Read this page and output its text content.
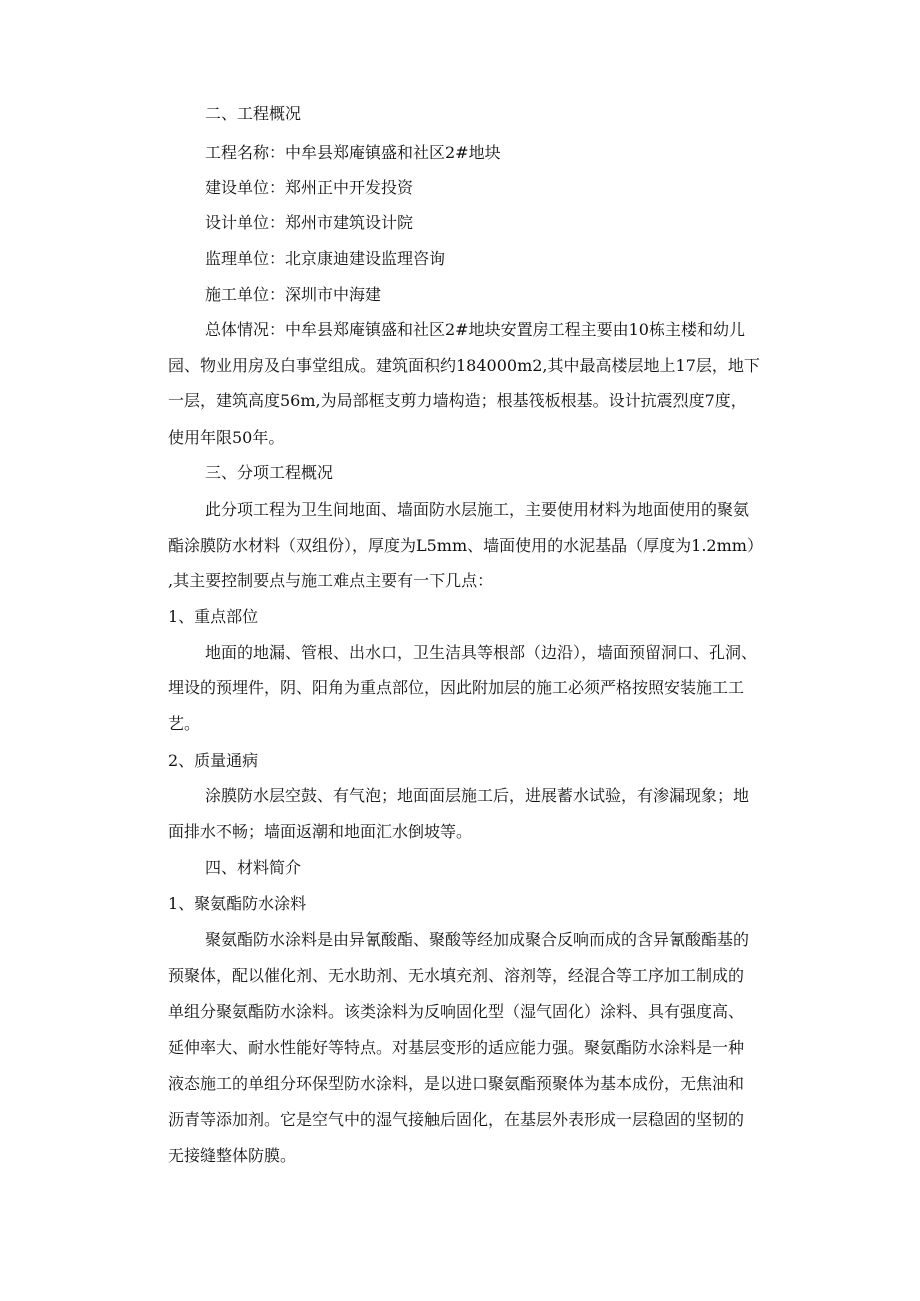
二、工程概况

工程名称：中牟县郑庵镇盛和社区2#地块

建设单位：郑州正中开发投资

设计单位：郑州市建筑设计院

监理单位：北京康迪建设监理咨询

施工单位：深圳市中海建

总体情况：中牟县郑庵镇盛和社区2#地块安置房工程主要由10栋主楼和幼儿

园、物业用房及白事堂组成。建筑面积约184000m2,其中最高楼层地上17层，地下

一层，建筑高度56m,为局部框支剪力墙构造；根基筏板根基。设计抗震烈度7度，

使用年限50年。

三、分项工程概况

此分项工程为卫生间地面、墙面防水层施工，主要使用材料为地面使用的聚氨

酯涂膜防水材料（双组份），厚度为L5mm、墙面使用的水泥基晶（厚度为1.2mm）

,其主要控制要点与施工难点主要有一下几点：

1、重点部位

地面的地漏、管根、出水口，卫生洁具等根部（边沿），墙面预留洞口、孔洞、

埋设的预埋件，阴、阳角为重点部位，因此附加层的施工必须严格按照安装施工工

艺。

2、质量通病

涂膜防水层空鼓、有气泡；地面面层施工后，进展蓄水试验，有渗漏现象；地

面排水不畅；墙面返潮和地面汇水倒坡等。

四、材料简介

1、聚氨酯防水涂料

聚氨酯防水涂料是由异氰酸酯、聚酸等经加成聚合反响而成的含异氰酸酯基的

预聚体，配以催化剂、无水助剂、无水填充剂、溶剂等，经混合等工序加工制成的

单组分聚氨酯防水涂料。该类涂料为反响固化型（湿气固化）涂料、具有强度高、

延伸率大、耐水性能好等特点。对基层变形的适应能力强。聚氨酯防水涂料是一种

液态施工的单组分环保型防水涂料，是以进口聚氨酯预聚体为基本成份，无焦油和

沥青等添加剂。它是空气中的湿气接触后固化，在基层外表形成一层稳固的坚韧的

无接缝整体防膜。
